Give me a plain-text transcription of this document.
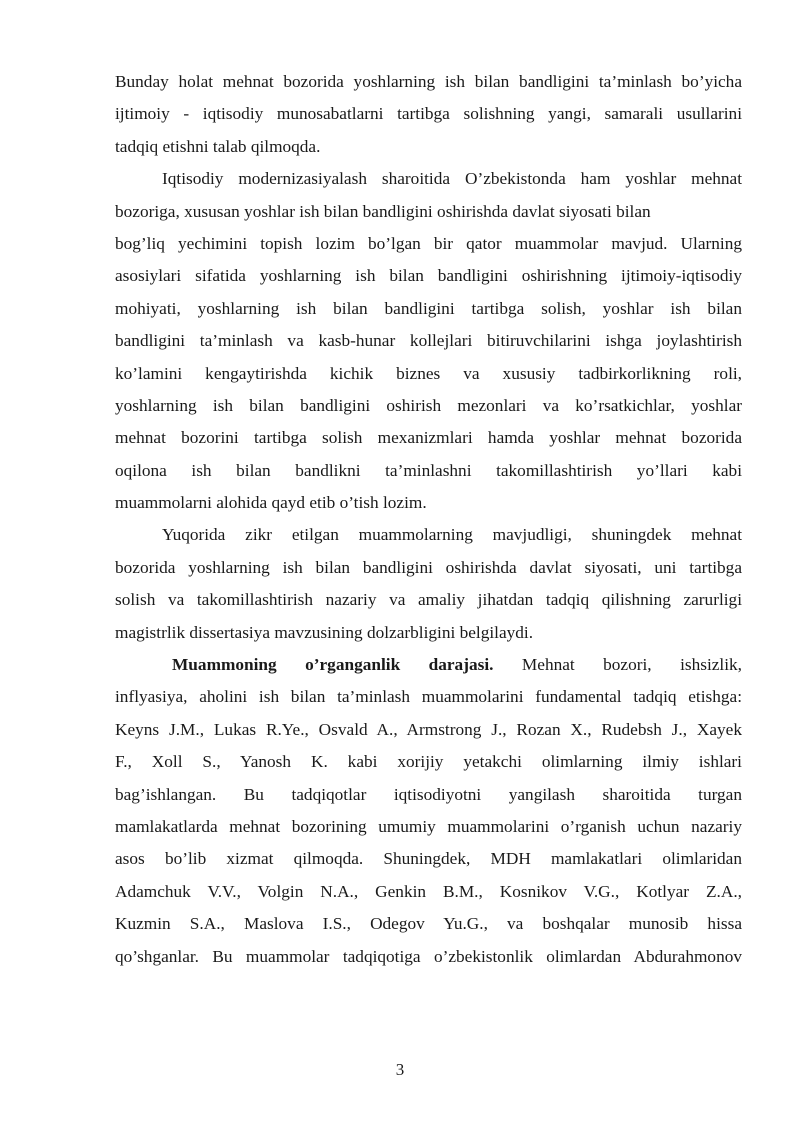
Bunday holat mehnat bozorida yoshlarning ish bilan bandligini ta’minlash bo’yicha
ijtimoiy - iqtisodiy munosabatlarni tartibga solishning yangi, samarali usullarini
tadqiq etishni talab qilmoqda.
Iqtisodiy modernizasiyalash sharoitida O’zbekistonda ham yoshlar mehnat
bozoriga, xususan yoshlar ish bilan bandligini oshirishda davlat siyosati bilan
bog’liq yechimini topish lozim bo’lgan bir qator muammolar mavjud. Ularning
asosiylari sifatida yoshlarning ish bilan bandligini oshirishning ijtimoiy-iqtisodiy
mohiyati, yoshlarning ish bilan bandligini tartibga solish, yoshlar ish bilan
bandligini ta’minlash va kasb-hunar kollejlari bitiruvchilarini ishga joylashtirish
ko’lamini kengaytirishda kichik biznes va xususiy tadbirkorlikning roli,
yoshlarning ish bilan bandligini oshirish mezonlari va ko’rsatkichlar, yoshlar
mehnat bozorini tartibga solish mexanizmlari hamda yoshlar mehnat bozorida
oqilona ish bilan bandlikni ta’minlashni takomillashtirish yo’llari kabi
muammolarni alohida qayd etib o’tish lozim.
Yuqorida zikr etilgan muammolarning mavjudligi, shuningdek mehnat
bozorida yoshlarning ish bilan bandligini oshirishda davlat siyosati, uni tartibga
solish va takomillashtirish nazariy va amaliy jihatdan tadqiq qilishning zarurligi
magistrlik dissertasiya mavzusining dolzarbligini belgilaydi.
Muammoning o’rganganlik darajasi. Mehnat bozori, ishsizlik,
inflyasiya, aholini ish bilan ta’minlash muammolarini fundamental tadqiq etishga:
Keyns J.M., Lukas R.Ye., Osvald A., Armstrong J., Rozan X., Rudebsh J., Xayek
F., Xoll S., Yanosh K. kabi xorijiy yetakchi olimlarning ilmiy ishlari
bag’ishlangan. Bu tadqiqotlar iqtisodiyotni yangilash sharoitida turgan
mamlakatlarda mehnat bozorining umumiy muammolarini o’rganish uchun nazariy
asos bo’lib xizmat qilmoqda. Shuningdek, MDH mamlakatlari olimlaridan
Adamchuk V.V., Volgin N.A., Genkin B.M., Kosnikov V.G., Kotlyar Z.A.,
Kuzmin S.A., Maslova I.S., Odegov Yu.G., va boshqalar munosib hissa
qo’shganlar. Bu muammolar tadqiqotiga o’zbekistonlik olimlardan Abdurahmonov
3
